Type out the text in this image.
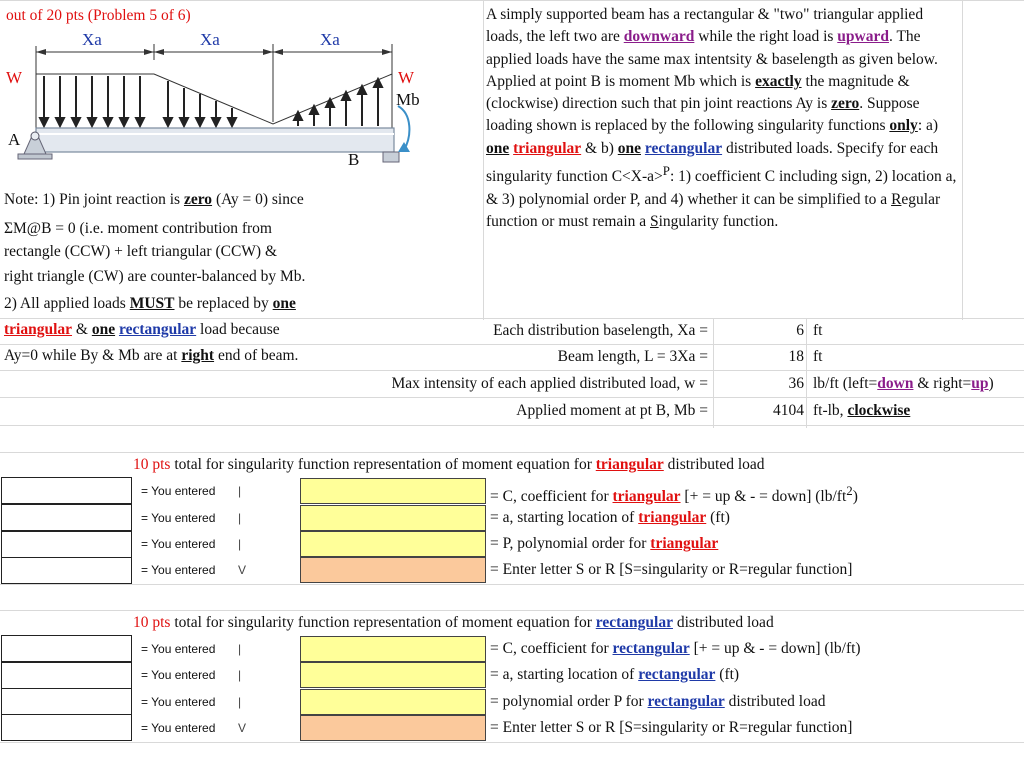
out of 20 pts (Problem 5 of 6)
Xa	Xa	Xa
W	W
Mb
A
B
A simply supported beam has a rectangular & "two" triangular applied loads, the left two are downward while the right load is upward. The applied loads have the same max intentsity & baselength as given below. Applied at point B is moment Mb which is exactly the magnitude & (clockwise) direction such that pin joint reactions Ay is zero. Suppose loading shown is replaced by the following singularity functions only: a) one triangular & b) one rectangular distributed loads. Specify for each singularity function C<X-a>$^P$: 1) coefficient C including sign, 2) location a, & 3) polynomial order P, and 4) whether it can be simplified to a Regular function or must remain a Singularity function.
Note: 1) Pin joint reaction is zero (Ay = 0) since
ΣM@B = 0 (i.e. moment contribution from
rectangle (CCW) + left triangular (CCW) &
right triangle (CW) are counter-balanced by Mb.
2) All applied loads MUST be replaced by one
triangular & one rectangular load because
Ay=0 while By & Mb are at right end of beam.
Each distribution baselength, Xa =	6 ft
Beam length, L = 3Xa =	18 ft
Max intensity of each applied distributed load, w =	36 lb/ft (left=down & right=up)
Applied moment at pt B, Mb =	4104 ft-lb, clockwise
10 pts total for singularity function representation of moment equation for triangular distributed load
= You entered |	= C, coefficient for triangular [+ = up & - = down] $(lb/ft^2)$
= You entered |	= a, starting location of triangular (ft)
= You entered |	= P, polynomial order for triangular
= You entered V	= Enter letter S or R [S=singularity or R=regular function]
10 pts total for singularity function representation of moment equation for rectangular distributed load
= You entered |	= C, coefficient for rectangular [+ = up & - = down] (lb/ft)
= You entered |	= a, starting location of rectangular (ft)
= You entered |	= polynomial order P for rectangular distributed load
= You entered V	= Enter letter S or R [S=singularity or R=regular function]
